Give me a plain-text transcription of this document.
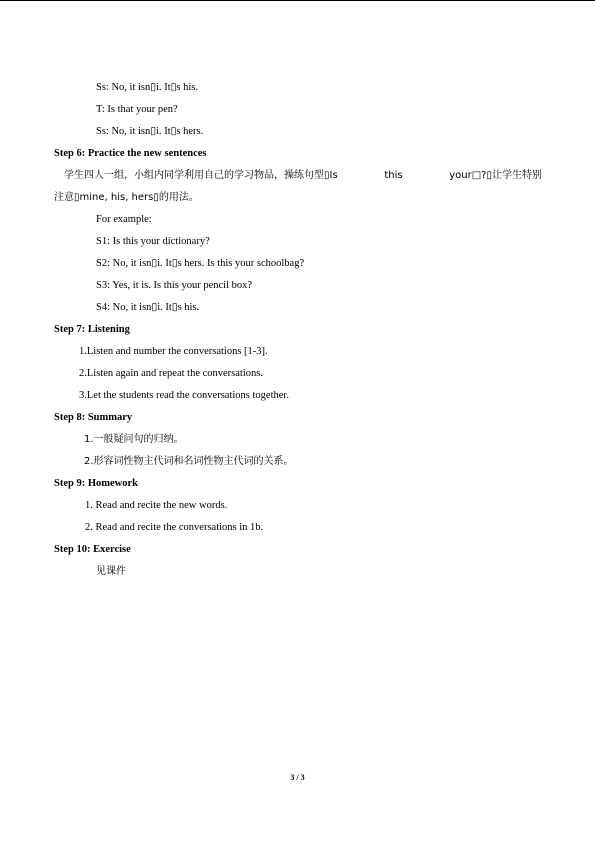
Ss: No, it isn▯i. It▯s his.
T: Is that your pen?
Ss: No, it isn▯i. It▯s hers.
Step 6: Practice the new sentences
学生四人一组，小组内同学利用自己的学习物品，操练句型▯Is	this	your□?▯让学生特别
注意▯mine, his, hers▯的用法。
For example:
S1: Is this your dictionary?
S2: No, it isn▯i. It▯s hers. Is this your schoolbag?
S3: Yes, it is. Is this your pencil box?
S4: No, it isn▯i. It▯s his.
Step 7: Listening
1.Listen and number the conversations [1-3].
2.Listen again and repeat the conversations.
3.Let the students read the conversations together.
Step 8: Summary
1.一般疑问句的归纳。
2.形容词性物主代词和名词性物主代词的关系。
Step 9: Homework
1. Read and recite the new words.
2. Read and recite the conversations in 1b.
Step 10: Exercise
见课件
3 / 3
